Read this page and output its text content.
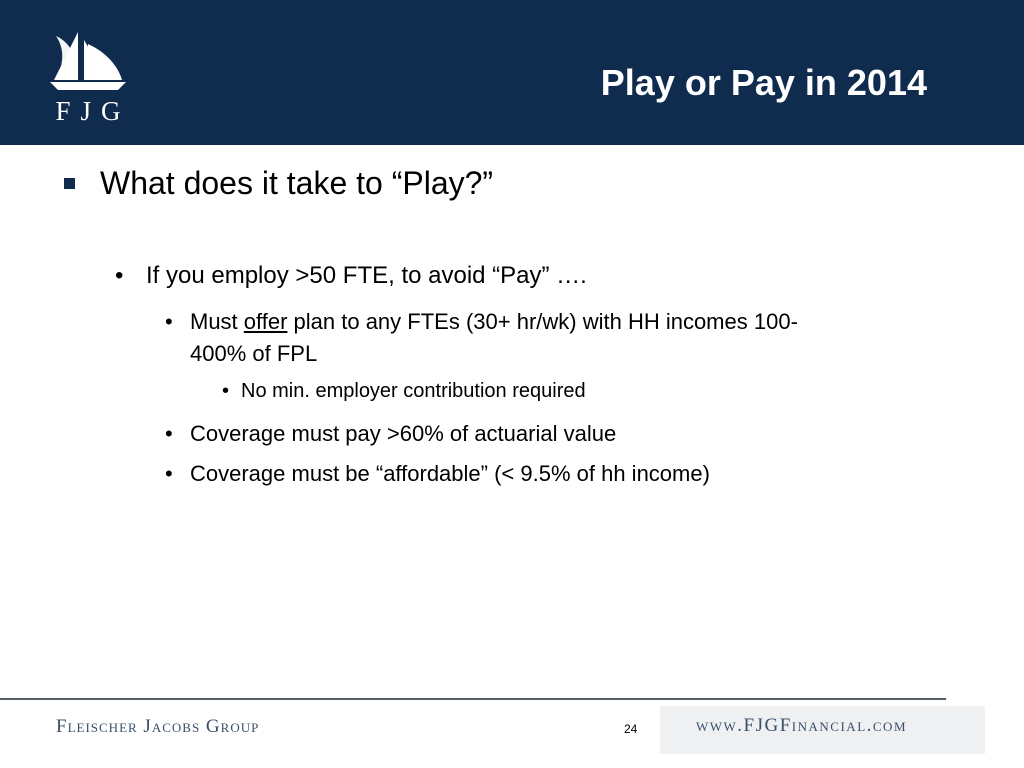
FJG
Play or Pay in 2014
What does it take to “Play?”
• If you employ >50 FTE, to avoid “Pay” ….
• Must offer plan to any FTEs (30+ hr/wk) with HH incomes 100-
400% of FPL
• No min. employer contribution required
• Coverage must pay >60% of actuarial value
• Coverage must be “affordable” (< 9.5% of hh income)
Fleischer Jacobs Group	24	www.FJGFinancial.com
